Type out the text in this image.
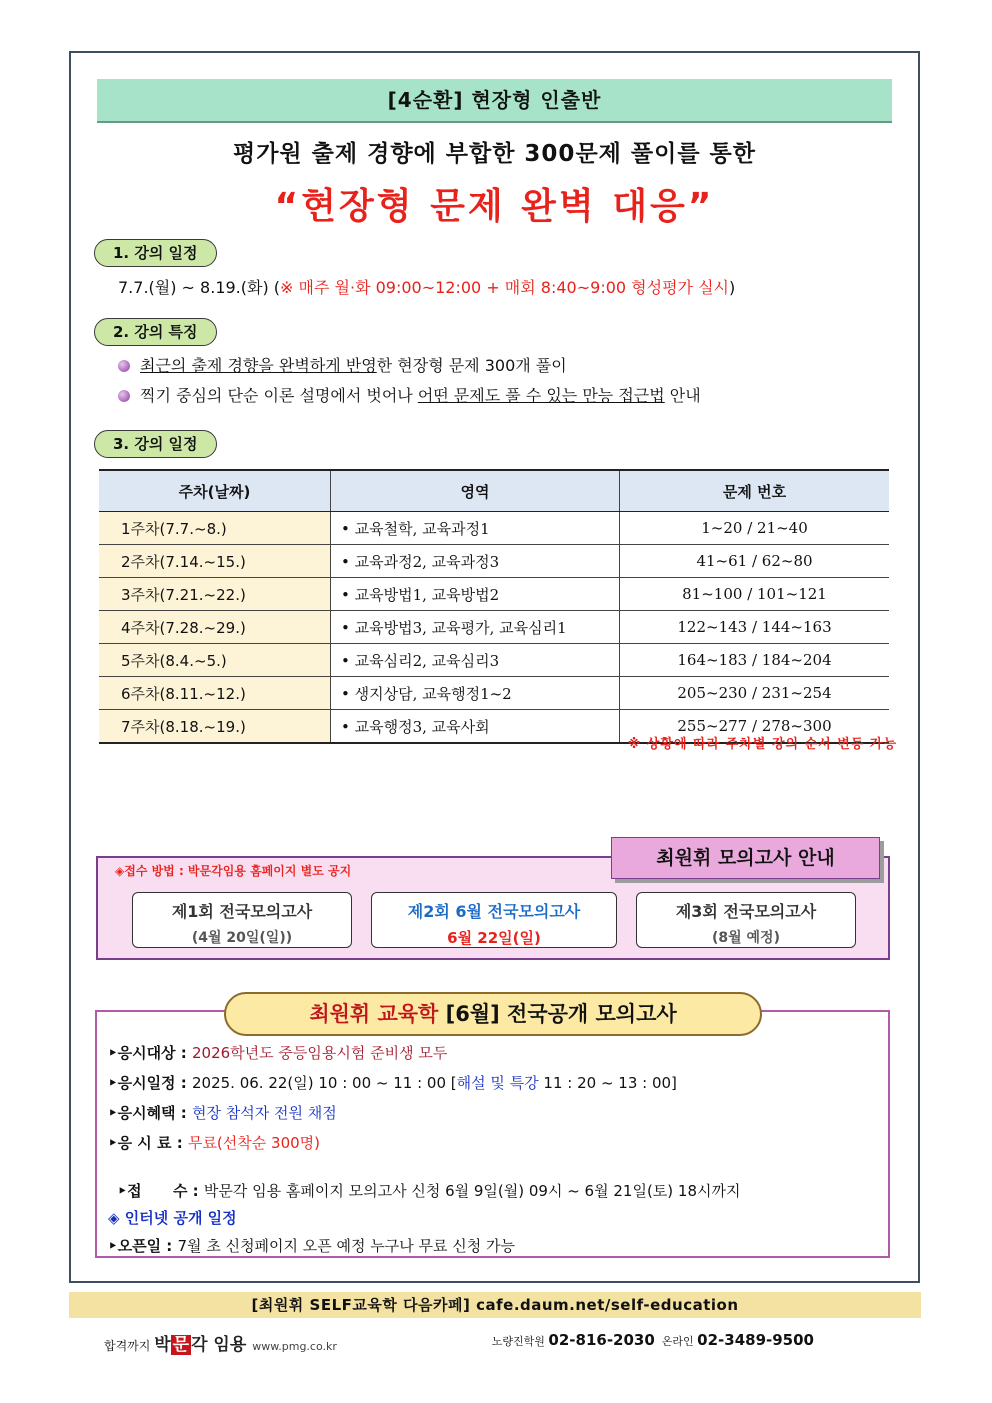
[4순환] 현장형 인출반
평가원 출제 경향에 부합한 300문제 풀이를 통한
“현장형 문제 완벽 대응”
1. 강의 일정
7.7.(월) ~ 8.19.(화) (※ 매주 월·화 09:00~12:00 + 매회 8:40~9:00 형성평가 실시)
2. 강의 특징
최근의 출제 경향을 완벽하게 반영한 현장형 문제 300개 풀이
찍기 중심의 단순 이론 설명에서 벗어나 어떤 문제도 풀 수 있는 만능 접근법 안내
3. 강의 일정
주차(날짜)	영역	문제 번호
1주차(7.7.~8.)	• 교육철학, 교육과정1	1~20 / 21~40
2주차(7.14.~15.)	• 교육과정2, 교육과정3	41~61 / 62~80
3주차(7.21.~22.)	• 교육방법1, 교육방법2	81~100 / 101~121
4주차(7.28.~29.)	• 교육방법3, 교육평가, 교육심리1	122~143 / 144~163
5주차(8.4.~5.)	• 교육심리2, 교육심리3	164~183 / 184~204
6주차(8.11.~12.)	• 생지상담, 교육행정1~2	205~230 / 231~254
7주차(8.18.~19.)	• 교육행정3, 교육사회	255~277 / 278~300
※ 상황에 따라 주차별 강의 순서 변동 가능
최원휘 모의고사 안내
◈접수 방법 : 박문각임용 홈페이지 별도 공지
제1회 전국모의고사
(4월 20일(일))
제2회 6월 전국모의고사
6월 22일(일)
제3회 전국모의고사
(8월 예정)
최원휘 교육학 [6월] 전국공개 모의고사
‣응시대상 : 2026학년도 중등임용시험 준비생 모두
‣응시일정 : 2025. 06. 22(일) 10 : 00 ~ 11 : 00 [해설 및 특강 11 : 20 ~ 13 : 00]
‣응시혜택 : 현장 참석자 전원 채점
‣응 시 료 : 무료(선착순 300명)

‣접      수 : 박문각 임용 홈페이지 모의고사 신청 6월 9일(월) 09시 ~ 6월 21일(토) 18시까지

◈ 인터넷 공개 일정
‣오픈일 : 7월 초 신청페이지 오픈 예정 누구나 무료 신청 가능
[최원휘 SELF교육학 다음카페] cafe.daum.net/self-education
합격까지 박 문 각 임용 www.pmg.co.kr	노량진학원 02-816-2030  온라인 02-3489-9500
